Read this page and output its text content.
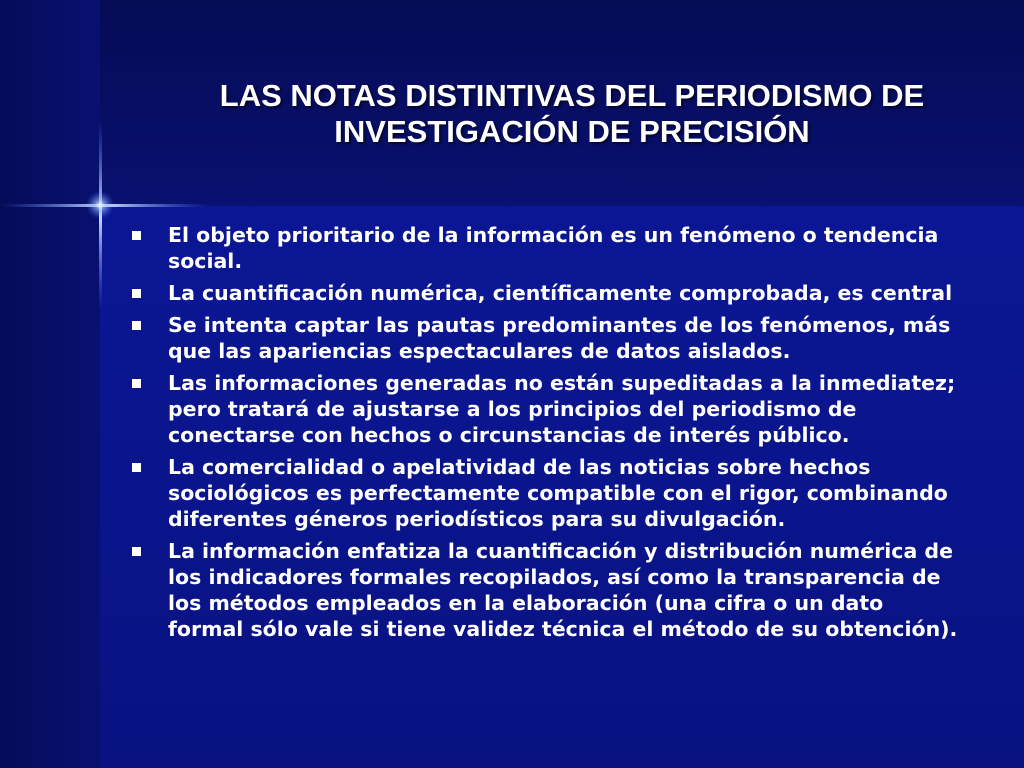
LAS NOTAS DISTINTIVAS DEL PERIODISMO DE
INVESTIGACIÓN DE PRECISIÓN
El objeto prioritario de la información es un fenómeno o tendencia social.
La cuantificación numérica, científicamente comprobada, es central
Se intenta captar las pautas predominantes de los fenómenos, más que las apariencias espectaculares de datos aislados.
Las informaciones generadas no están supeditadas a la inmediatez; pero tratará de ajustarse a los principios del periodismo de conectarse con hechos o circunstancias de interés público.
La comercialidad o apelatividad de las noticias sobre hechos sociológicos es perfectamente compatible con el rigor, combinando diferentes géneros periodísticos para su divulgación.
La información enfatiza la cuantificación y distribución numérica de los indicadores formales recopilados, así como la transparencia de los métodos empleados en la elaboración (una cifra o un dato formal sólo vale si tiene validez técnica el método de su obtención).
